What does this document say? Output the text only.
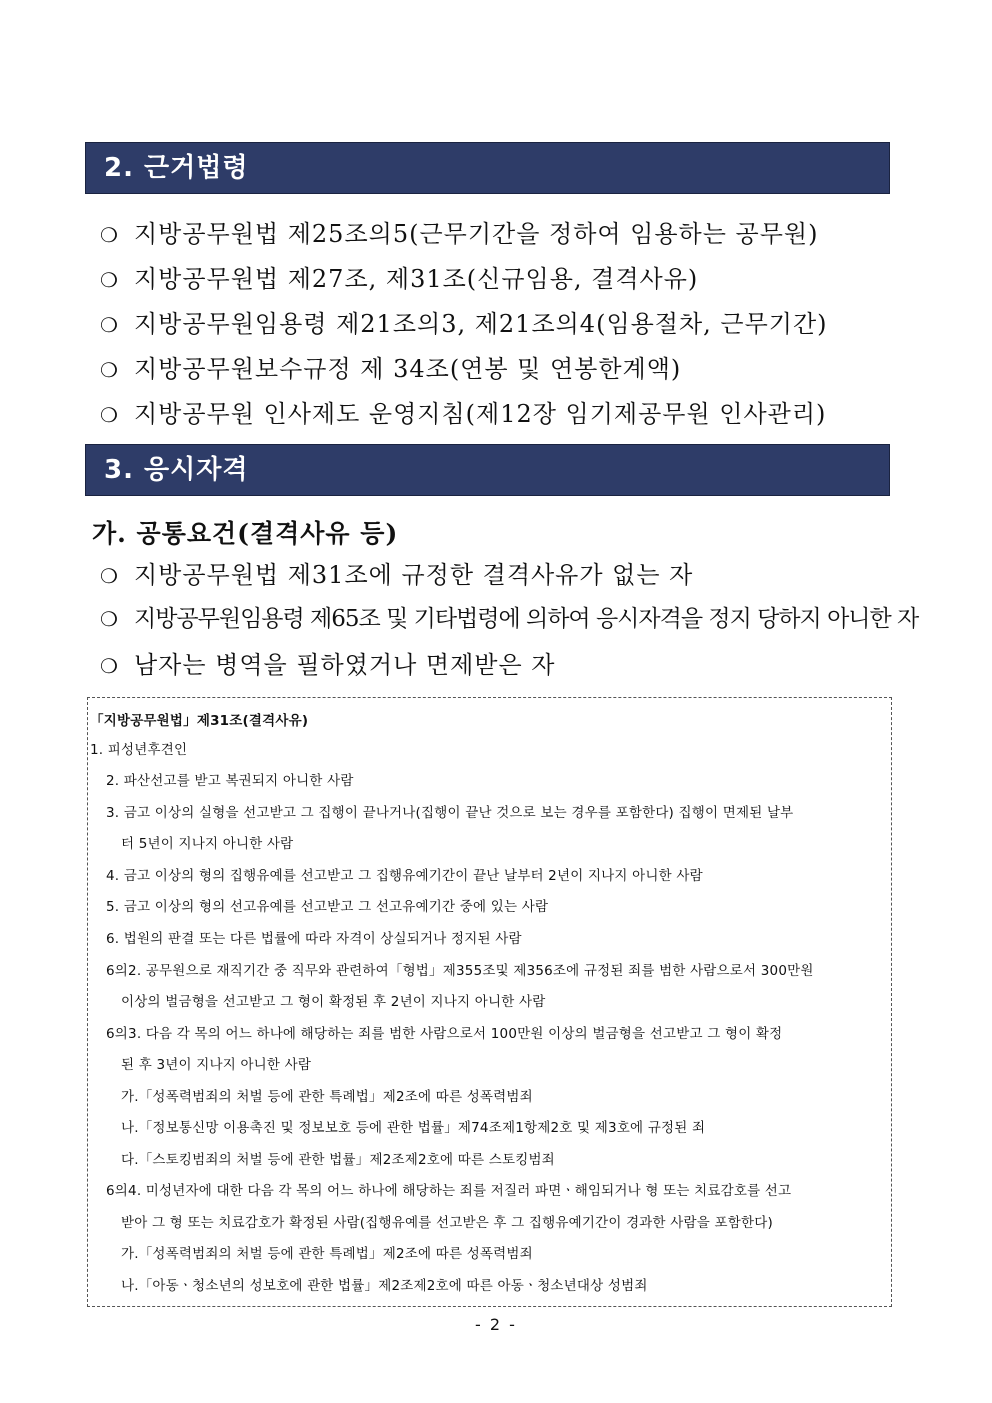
2. 근거법령
❍ 지방공무원법 제25조의5(근무기간을 정하여 임용하는 공무원)
❍ 지방공무원법 제27조, 제31조(신규임용, 결격사유)
❍ 지방공무원임용령 제21조의3, 제21조의4(임용절차, 근무기간)
❍ 지방공무원보수규정 제 34조(연봉 및 연봉한계액)
❍ 지방공무원 인사제도 운영지침(제12장 임기제공무원 인사관리)
3. 응시자격
가. 공통요건(결격사유 등)
❍ 지방공무원법 제31조에 규정한 결격사유가 없는 자
❍ 지방공무원임용령 제65조 및 기타법령에 의하여 응시자격을 정지 당하지 아니한 자
❍ 남자는 병역을 필하였거나 면제받은 자
「지방공무원법」제31조(결격사유)
1. 피성년후견인
2. 파산선고를 받고 복권되지 아니한 사람
3. 금고 이상의 실형을 선고받고 그 집행이 끝나거나(집행이 끝난 것으로 보는 경우를 포함한다) 집행이 면제된 날부
터 5년이 지나지 아니한 사람
4. 금고 이상의 형의 집행유예를 선고받고 그 집행유예기간이 끝난 날부터 2년이 지나지 아니한 사람
5. 금고 이상의 형의 선고유예를 선고받고 그 선고유예기간 중에 있는 사람
6. 법원의 판결 또는 다른 법률에 따라 자격이 상실되거나 정지된 사람
6의2. 공무원으로 재직기간 중 직무와 관련하여「형법」제355조및 제356조에 규정된 죄를 범한 사람으로서 300만원
이상의 벌금형을 선고받고 그 형이 확정된 후 2년이 지나지 아니한 사람
6의3. 다음 각 목의 어느 하나에 해당하는 죄를 범한 사람으로서 100만원 이상의 벌금형을 선고받고 그 형이 확정
된 후 3년이 지나지 아니한 사람
가.「성폭력범죄의 처벌 등에 관한 특례법」제2조에 따른 성폭력범죄
나.「정보통신망 이용촉진 및 정보보호 등에 관한 법률」제74조제1항제2호 및 제3호에 규정된 죄
다.「스토킹범죄의 처벌 등에 관한 법률」제2조제2호에 따른 스토킹범죄
6의4. 미성년자에 대한 다음 각 목의 어느 하나에 해당하는 죄를 저질러 파면ㆍ해임되거나 형 또는 치료감호를 선고
받아 그 형 또는 치료감호가 확정된 사람(집행유예를 선고받은 후 그 집행유예기간이 경과한 사람을 포함한다)
가.「성폭력범죄의 처벌 등에 관한 특례법」제2조에 따른 성폭력범죄
나.「아동ㆍ청소년의 성보호에 관한 법률」제2조제2호에 따른 아동ㆍ청소년대상 성범죄
- 2 -
